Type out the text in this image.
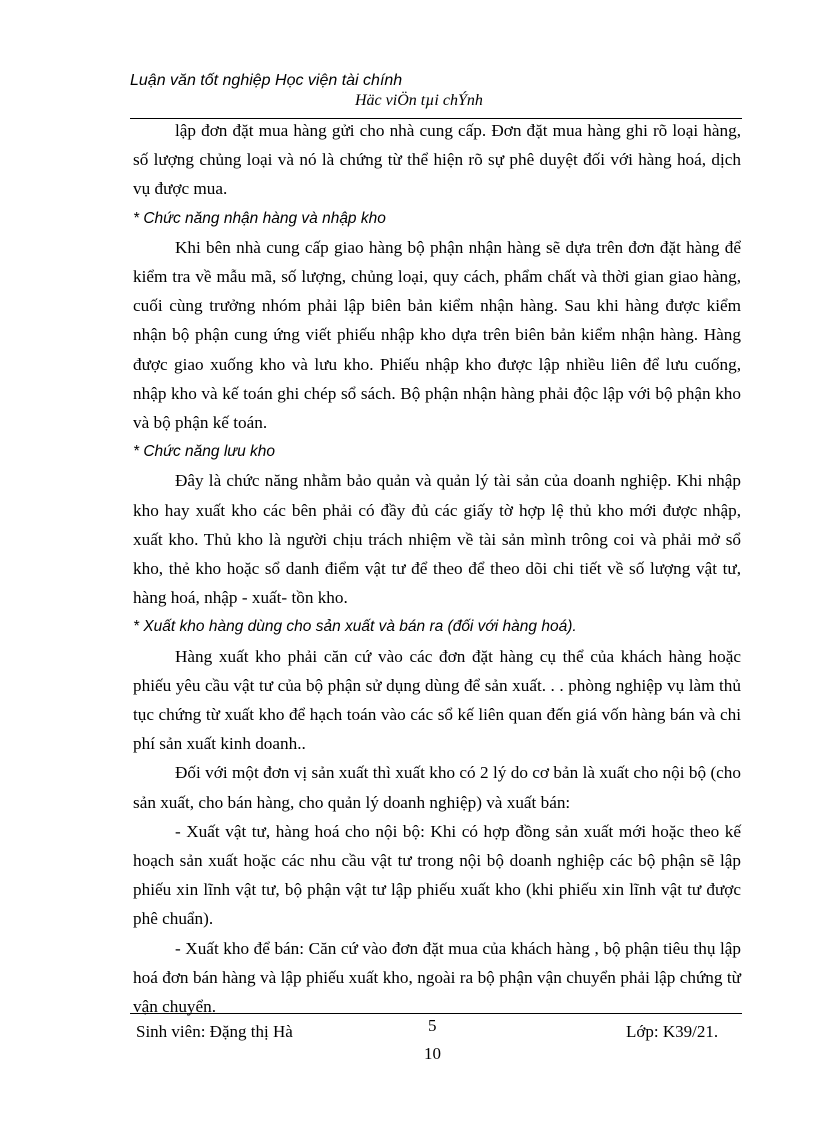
Luận văn tốt nghiệp Học viện tài chính
Häc viÖn tµi chÝnh

lập đơn đặt mua hàng gửi cho nhà cung cấp. Đơn đặt mua hàng ghi rõ loại hàng, số lượng chủng loại và nó là chứng từ thể hiện rõ sự phê duyệt đối với hàng hoá, dịch vụ được mua.

* Chức năng nhận hàng và nhập kho

Khi bên nhà cung cấp giao hàng bộ phận nhận hàng sẽ dựa trên đơn đặt hàng để kiểm tra về mẫu mã, số lượng, chủng loại, quy cách, phẩm chất và thời gian giao hàng, cuối cùng trưởng nhóm phải lập biên bản kiểm nhận hàng. Sau khi hàng được kiểm nhận bộ phận cung ứng viết phiếu nhập kho dựa trên biên bản kiểm nhận hàng. Hàng được giao xuống kho và lưu kho. Phiếu nhập kho được lập nhiều liên để lưu cuống, nhập kho và kế toán ghi chép sổ sách. Bộ phận nhận hàng phải độc lập với bộ phận kho và bộ phận kế toán.

* Chức năng lưu kho

Đây là chức năng nhằm bảo quản và quản lý tài sản của doanh nghiệp. Khi nhập kho hay xuất kho các bên phải có đầy đủ các giấy tờ hợp lệ thủ kho mới được nhập, xuất kho. Thủ kho là người chịu trách nhiệm về tài sản mình trông coi và phải mở sổ kho, thẻ kho hoặc sổ danh điểm vật tư để theo để theo dõi chi tiết về số lượng vật tư, hàng hoá, nhập - xuất- tồn kho.

* Xuất kho hàng dùng cho sản xuất và bán ra (đối với hàng hoá).

Hàng xuất kho phải căn cứ vào các đơn đặt hàng cụ thể của khách hàng hoặc phiếu yêu cầu vật tư của bộ phận sử dụng dùng để sản xuất. . . phòng nghiệp vụ làm thủ tục chứng từ xuất kho để hạch toán vào các sổ kế liên quan đến giá vốn hàng bán và chi phí sản xuất kinh doanh..

Đối với một đơn vị sản xuất thì xuất kho có 2 lý do cơ bản là xuất cho nội bộ (cho sản xuất, cho bán hàng, cho quản lý doanh nghiệp) và xuất bán:

- Xuất vật tư, hàng hoá cho nội bộ: Khi có hợp đồng sản xuất mới hoặc theo kế hoạch sản xuất hoặc các nhu cầu vật tư trong nội bộ doanh nghiệp các bộ phận sẽ lập phiếu xin lĩnh vật tư, bộ phận vật tư lập phiếu xuất kho (khi phiếu xin lĩnh vật tư được phê chuẩn).

- Xuất kho để bán: Căn cứ vào đơn đặt mua của khách hàng , bộ phận tiêu thụ lập hoá đơn bán hàng và lập phiếu xuất kho, ngoài ra bộ phận vận chuyển phải lập chứng từ vận chuyển.

Sinh viên: Đặng thị Hà	5	Lớp: K39/21.
10
